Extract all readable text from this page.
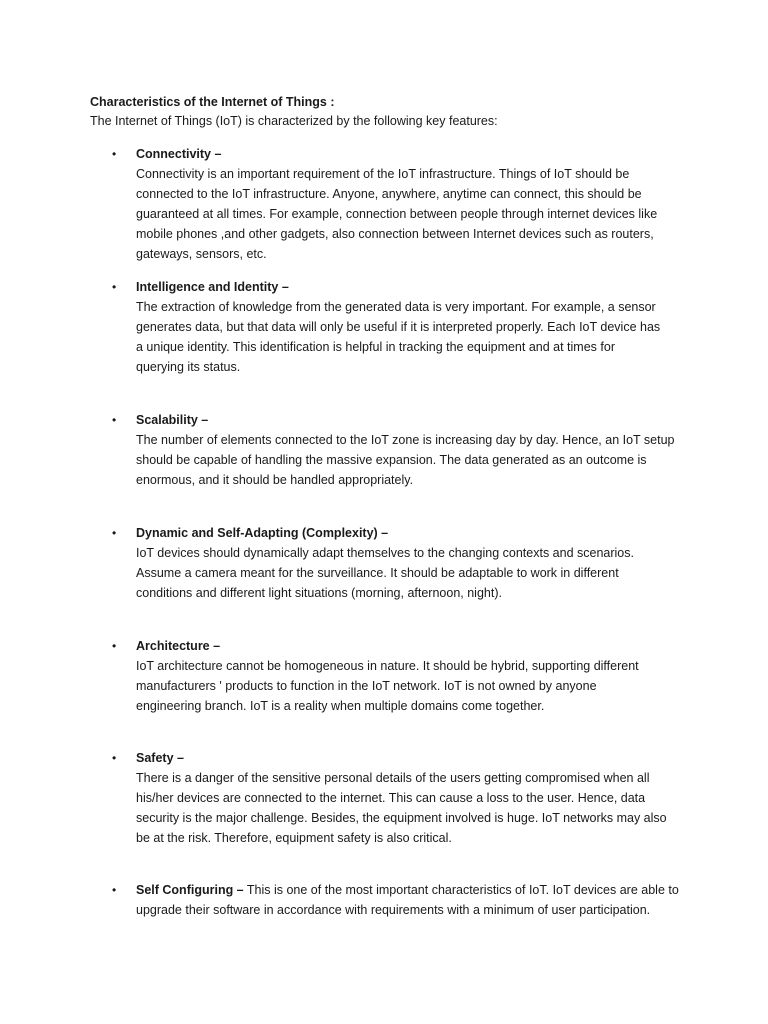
Characteristics of the Internet of Things :
The Internet of Things (IoT) is characterized by the following key features:
• Connectivity –
Connectivity is an important requirement of the IoT infrastructure. Things of IoT should be
connected to the IoT infrastructure. Anyone, anywhere, anytime can connect, this should be
guaranteed at all times. For example, connection between people through internet devices like
mobile phones ,and other gadgets, also connection between Internet devices such as routers,
gateways, sensors, etc.
• Intelligence and Identity –
The extraction of knowledge from the generated data is very important. For example, a sensor
generates data, but that data will only be useful if it is interpreted properly. Each IoT device has
a unique identity. This identification is helpful in tracking the equipment and at times for
querying its status.
• Scalability –
The number of elements connected to the IoT zone is increasing day by day. Hence, an IoT setup
should be capable of handling the massive expansion. The data generated as an outcome is
enormous, and it should be handled appropriately.
• Dynamic and Self-Adapting (Complexity) –
IoT devices should dynamically adapt themselves to the changing contexts and scenarios.
Assume a camera meant for the surveillance. It should be adaptable to work in different
conditions and different light situations (morning, afternoon, night).
• Architecture –
IoT architecture cannot be homogeneous in nature. It should be hybrid, supporting different
manufacturers ' products to function in the IoT network. IoT is not owned by anyone
engineering branch. IoT is a reality when multiple domains come together.
• Safety –
There is a danger of the sensitive personal details of the users getting compromised when all
his/her devices are connected to the internet. This can cause a loss to the user. Hence, data
security is the major challenge. Besides, the equipment involved is huge. IoT networks may also
be at the risk. Therefore, equipment safety is also critical.
• Self Configuring – This is one of the most important characteristics of IoT. IoT devices are able to
upgrade their software in accordance with requirements with a minimum of user participation.
